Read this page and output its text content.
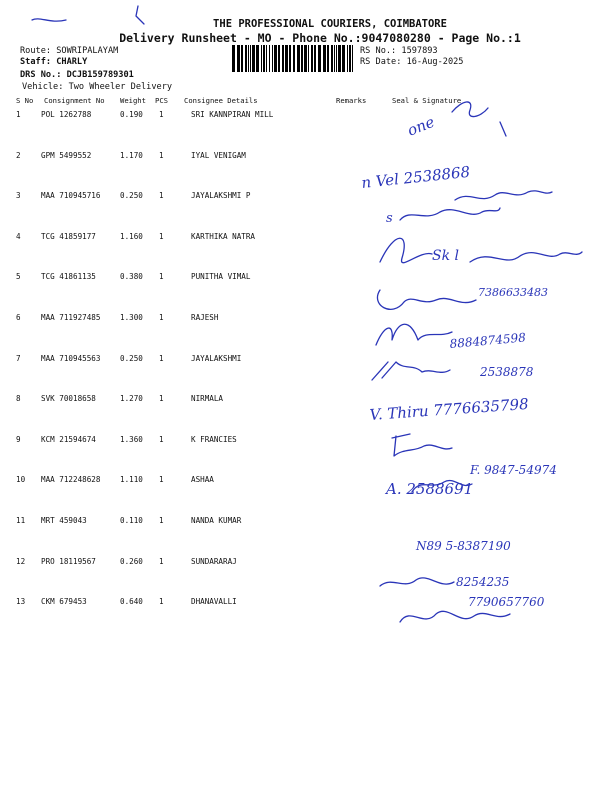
THE PROFESSIONAL COURIERS, COIMBATORE
Delivery Runsheet - MO - Phone No.:9047080280 - Page No.:1
Route: SOWRIPALAYAM
Staff: CHARLY
DRS No.: DCJB159789301
Vehicle: Two Wheeler Delivery
RS No.: 1597893
RS Date: 16-Aug-2025
S No Consignment No Weight PCS Consignee Details	Remarks	Seal & Signature
1	POL 1262788	0.190 1	SRI KANNPIRAN MILL
2	GPM 5499552	1.170 1	IYAL VENIGAM
3	MAA 710945716	0.250 1	JAYALAKSHMI P
4	TCG 41859177	1.160 1	KARTHIKA NATRA
5	TCG 41861135	0.380 1	PUNITHA VIMAL
6	MAA 711927485	1.300 1	RAJESH
7	MAA 710945563	0.250 1	JAYALAKSHMI
8	SVK 70018658	1.270 1	NIRMALA
9	KCM 21594674	1.360 1	K FRANCIES
10 MAA 712248628	1.110 1	ASHAA
11 MRT 459043	0.110 1	NANDA KUMAR
12 PRO 18119567	0.260 1	SUNDARARAJ
13 CKM 679453	0.640 1	DHANAVALLI
one
n Vel 2538868
s
Sk l
7386633483
8884874598
2538878
V. Thiru 7776635798
F. 9847-54974
A. 2588691
N89 5-8387190
8254235
7790657760
